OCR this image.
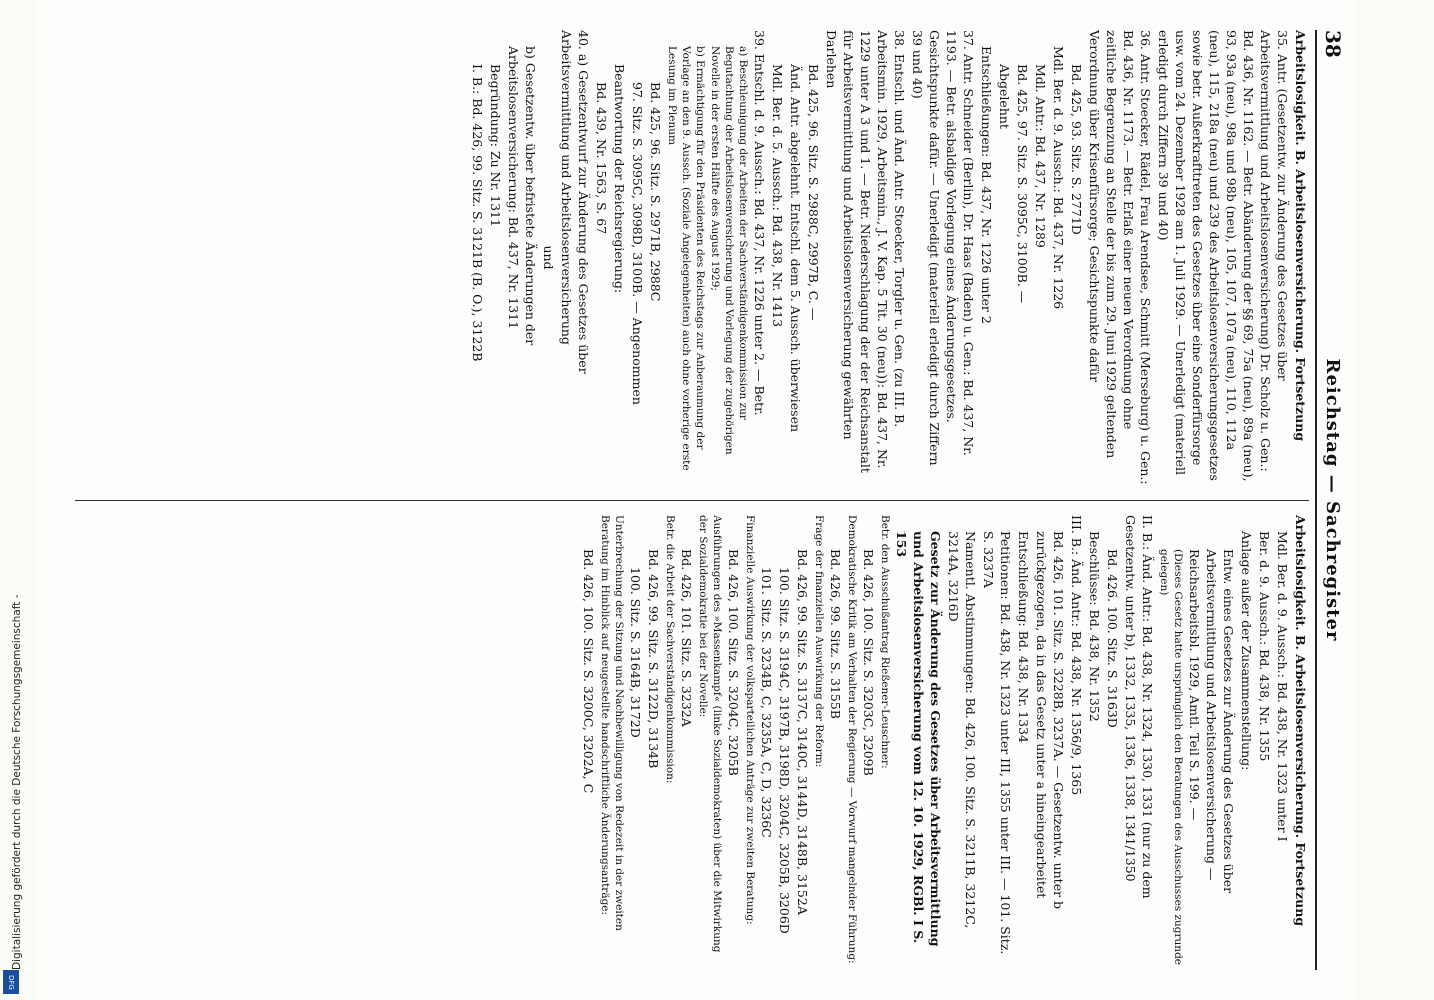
38
Reichstag — Sachregister
Arbeitslosigkeit. B. Arbeitslosenversicherung. Fortsetzung
35. Antr. (Gesetzentw. zur Änderung des Gesetzes über Arbeitsvermittlung und Arbeitslosenversicherung) Dr. Scholz u. Gen.: Bd. 436, Nr. 1162. — Betr. Abänderung der §§ 69, 75a (neu), 89a (neu), 93, 93a (neu), 98a und 98b (neu), 105, 107, 107a (neu), 110, 112a (neu), 115, 218a (neu) und 239 des Arbeitslosenversicherungsgesetzes sowie betr. Außerkrafttreten des Gesetzes über eine Sonderfürsorge usw. vom 24. Dezember 1928 am 1. Juli 1929. — Unerledigt (materiell erledigt durch Ziffern 39 und 40)
36. Antr. Stoecker, Rädel, Frau Arendsee, Schmitt (Merseburg) u. Gen.: Bd. 436, Nr. 1173. — Betr. Erlaß einer neuen Verordnung ohne zeitliche Begrenzung an Stelle der bis zum 29. Juni 1929 geltenden Verordnung über Krisenfürsorge; Gesichtspunkte dafür
Bd. 425, 93. Sitz. S. 2771D
Mdl. Ber. d. 9. Aussch.: Bd. 437, Nr. 1226
Mdl. Antr.: Bd. 437, Nr. 1289
Bd. 425, 97. Sitz. S. 3095C, 3100B. —
Abgelehnt
Entschließungen: Bd. 437, Nr. 1226 unter 2
37. Antr. Schneider (Berlin), Dr. Haas (Baden) u. Gen.: Bd. 437, Nr. 1193. — Betr. alsbaldige Vorlegung eines Änderungsgesetzes. Gesichtspunkte dafür. — Unerledigt (materiell erledigt durch Ziffern 39 und 40)
38. Entschl. und Änd. Antr. Stoecker, Torgler u. Gen. (zu III. B. Arbeitsmin. 1929, Arbeitsmin., J. V. Kap. 5 Tit. 30 (neu)): Bd. 437, Nr. 1229 unter A 3 und 1. — Betr. Niederschlagung der der Reichsanstalt für Arbeitsvermittlung und Arbeitslosenversicherung gewährten Darlehen
Bd. 425, 96. Sitz. S. 2988C, 2997B, C. —
Änd. Antr. abgelehnt. Entschl. dem 5. Aussch. überwiesen
Mdl. Ber. d. 5. Aussch.: Bd. 438, Nr. 1413
39. Entschl. d. 9. Aussch.: Bd. 437, Nr. 1226 unter 2. — Betr.
a) Beschleunigung der Arbeiten der Sachverständigenkommission zur Begutachtung der Arbeitslosenversicherung und Vorlegung der zugehörigen Novelle in der ersten Hälfte des August 1929;
b) Ermächtigung für den Präsidenten des Reichstags zur Anberaumung der Vorlage an den 9. Aussch. (Soziale Angelegenheiten) auch ohne vorherige erste Lesung im Plenum
Bd. 425, 96. Sitz. S. 2971B, 2988C
97. Sitz. S. 3095C, 3098D, 3100B. — Angenommen
Beantwortung der Reichsregierung:
Bd. 439, Nr. 1563, S. 67
40. a) Gesetzentwurf zur Änderung des Gesetzes über Arbeitsvermittlung und Arbeitslosenversicherung
und
b) Gesetzentw. über befristete Änderungen der Arbeitslosenversicherung: Bd. 437, Nr. 1311
Begründung: Zu Nr. 1311
I. B.: Bd. 426, 99. Sitz. S. 3121B (B. O.), 3122B
Arbeitslosigkeit. B. Arbeitslosenversicherung. Fortsetzung
Mdl. Ber. d. 9. Aussch.: Bd. 438, Nr. 1323 unter I
Ber. d. 9. Aussch.: Bd. 438, Nr. 1355
Anlage außer der Zusammenstellung:
Entw. eines Gesetzes zur Änderung des Gesetzes über Arbeitsvermittlung und Arbeitslosenversicherung — Reichsarbeitsbl. 1929, Amtl. Teil S. 199. —
(Dieses Gesetz hatte ursprünglich den Beratungen des Ausschusses zugrunde gelegen)
II. B.: Änd. Antr.: Bd. 438, Nr. 1324, 1330, 1331 (nur zu dem Gesetzentw. unter b), 1332, 1335, 1336, 1338, 1341/1350
Bd. 426. 100. Sitz. S. 3163D
Beschlüsse: Bd. 438, Nr. 1352
III. B.: Änd. Antr.: Bd. 438, Nr. 1356/9, 1365
Bd. 426, 101. Sitz. S. 3228B, 3237A. — Gesetzentw. unter b zurückgezogen, da in das Gesetz unter a hineingearbeitet
Entschließung: Bd. 438, Nr. 1334
Petitionen: Bd. 438, Nr. 1323 unter III, 1355 unter III. — 101. Sitz. S. 3237A
Namentl. Abstimmungen: Bd. 426, 100. Sitz. S. 3211B, 3212C, 3214A, 3216D
Gesetz zur Änderung des Gesetzes über Arbeitsvermittlung und Arbeitslosenversicherung vom 12. 10. 1929, RGBl. I S. 153
Betr. den Ausschußantrag Rießener-Leuschner:
Bd. 426, 100. Sitz. S. 3203C, 3209B
Demokratische Kritik am Verhalten der Regierung — Vorwurf mangelnder Führung:
Bd. 426, 99. Sitz. S. 3155B
Frage der finanziellen Auswirkung der Reform:
Bd. 426, 99. Sitz. S. 3137C, 3140C, 3144D, 3148B, 3152A
100. Sitz. S. 3194C, 3197B, 3198D, 3204C, 3205B, 3206D
101. Sitz. S. 3234B, C, 3235A, C, D, 3236C
Finanzielle Auswirkung der volksparteilichen Anträge zur zweiten Beratung:
Bd. 426, 100. Sitz. S. 3204C, 3205B
Ausführungen des »Massenkampf« (linke Sozialdemokraten) über die Mitwirkung der Sozialdemokratie bei der Novelle:
Bd. 426, 101. Sitz. S. 3232A
Betr. die Arbeit der Sachverständigenkommission:
Bd. 426, 99. Sitz. S. 3122D, 3134B
100. Sitz. S. 3164B, 3172D
Unterbrechung der Sitzung und Nachbewilligung von Redezeit in der zweiten Beratung im Hinblick auf neugestellte handschriftliche Änderungsanträge:
Bd. 426, 100. Sitz. S. 3200C, 3202A, C
Digitalisierung gefördert durch die Deutsche Forschungsgemeinschaft -
DFG
